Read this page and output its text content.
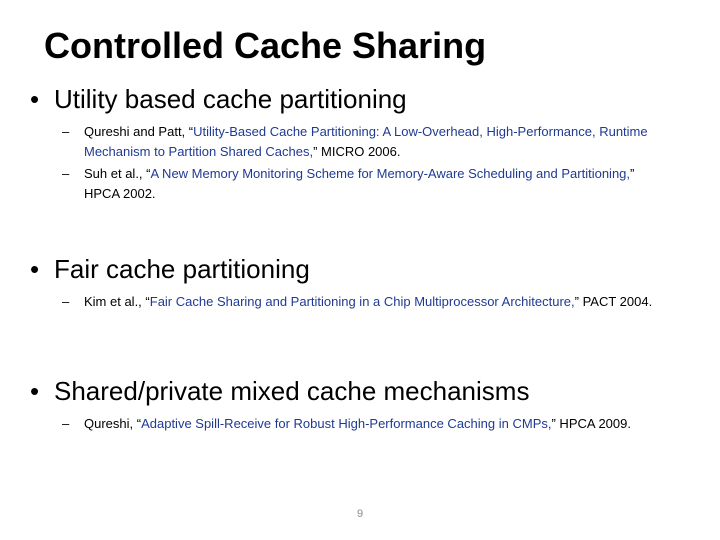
Controlled Cache Sharing
• Utility based cache partitioning
–	Qureshi and Patt, “Utility-Based Cache Partitioning: A Low-Overhead, High-Performance, Runtime Mechanism to Partition Shared Caches,” MICRO 2006.
–	Suh et al., “A New Memory Monitoring Scheme for Memory-Aware Scheduling and Partitioning,” HPCA 2002.
• Fair cache partitioning
–	Kim et al., “Fair Cache Sharing and Partitioning in a Chip Multiprocessor Architecture,” PACT 2004.
• Shared/private mixed cache mechanisms
–	Qureshi, “Adaptive Spill-Receive for Robust High-Performance Caching in CMPs,” HPCA 2009.
9
